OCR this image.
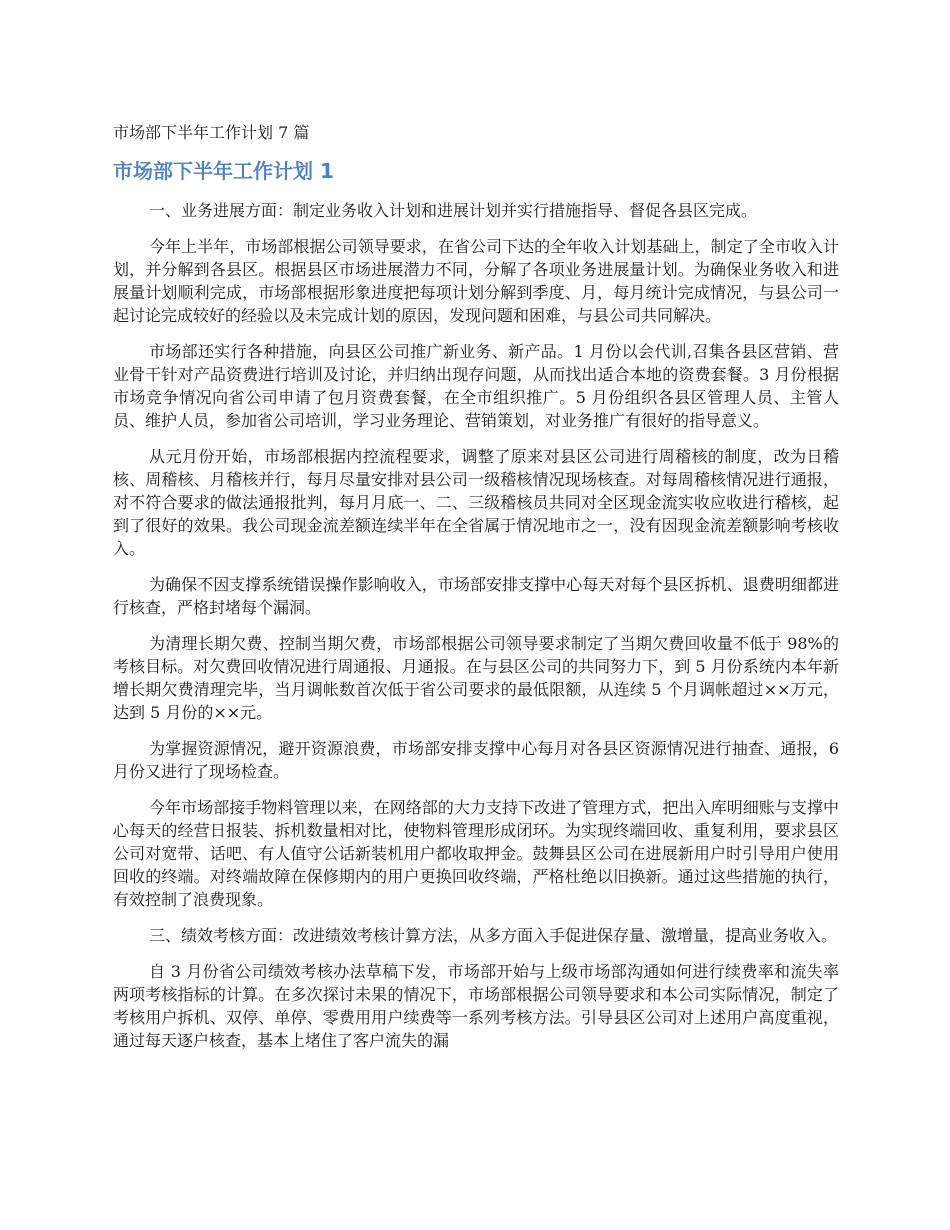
市场部下半年工作计划 7 篇
市场部下半年工作计划 1

一、业务进展方面：制定业务收入计划和进展计划并实行措施指导、督促各县区完成。

今年上半年，市场部根据公司领导要求，在省公司下达的全年收入计划基础上，制定了全市收入计划，并分解到各县区。根据县区市场进展潜力不同，分解了各项业务进展量计划。为确保业务收入和进展量计划顺利完成，市场部根据形象进度把每项计划分解到季度、月，每月统计完成情况，与县公司一起讨论完成较好的经验以及未完成计划的原因，发现问题和困难，与县公司共同解决。

市场部还实行各种措施，向县区公司推广新业务、新产品。1 月份以会代训,召集各县区营销、营业骨干针对产品资费进行培训及讨论，并归纳出现存问题，从而找出适合本地的资费套餐。3 月份根据市场竞争情况向省公司申请了包月资费套餐，在全市组织推广。5 月份组织各县区管理人员、主管人员、维护人员，参加省公司培训，学习业务理论、营销策划，对业务推广有很好的指导意义。

从元月份开始，市场部根据内控流程要求，调整了原来对县区公司进行周稽核的制度，改为日稽核、周稽核、月稽核并行，每月尽量安排对县公司一级稽核情况现场核查。对每周稽核情况进行通报，对不符合要求的做法通报批判，每月月底一、二、三级稽核员共同对全区现金流实收应收进行稽核，起到了很好的效果。我公司现金流差额连续半年在全省属于情况地市之一，没有因现金流差额影响考核收入。

为确保不因支撑系统错误操作影响收入，市场部安排支撑中心每天对每个县区拆机、退费明细都进行核查，严格封堵每个漏洞。

为清理长期欠费、控制当期欠费，市场部根据公司领导要求制定了当期欠费回收量不低于 98%的考核目标。对欠费回收情况进行周通报、月通报。在与县区公司的共同努力下，到 5 月份系统内本年新增长期欠费清理完毕，当月调帐数首次低于省公司要求的最低限额，从连续 5 个月调帐超过××万元，达到 5 月份的××元。

为掌握资源情况，避开资源浪费，市场部安排支撑中心每月对各县区资源情况进行抽查、通报，6 月份又进行了现场检查。

今年市场部接手物料管理以来，在网络部的大力支持下改进了管理方式，把出入库明细账与支撑中心每天的经营日报装、拆机数量相对比，使物料管理形成闭环。为实现终端回收、重复利用，要求县区公司对宽带、话吧、有人值守公话新装机用户都收取押金。鼓舞县区公司在进展新用户时引导用户使用回收的终端。对终端故障在保修期内的用户更换回收终端，严格杜绝以旧换新。通过这些措施的执行，有效控制了浪费现象。

三、绩效考核方面：改进绩效考核计算方法，从多方面入手促进保存量、激增量，提高业务收入。

自 3 月份省公司绩效考核办法草稿下发，市场部开始与上级市场部沟通如何进行续费率和流失率两项考核指标的计算。在多次探讨未果的情况下，市场部根据公司领导要求和本公司实际情况，制定了考核用户拆机、双停、单停、零费用用户续费等一系列考核方法。引导县区公司对上述用户高度重视，通过每天逐户核查，基本上堵住了客户流失的漏
